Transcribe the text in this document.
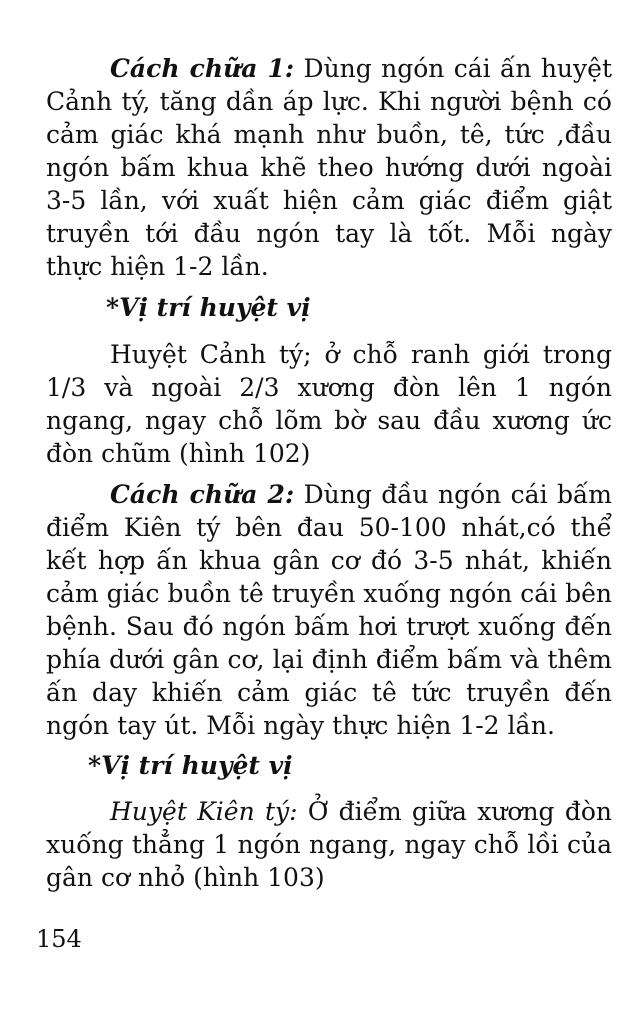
Cách chữa 1: Dùng ngón cái ấn huyệt Cảnh tý, tăng dần áp lực. Khi người bệnh có cảm giác khá mạnh như buồn, tê, tức ,đầu ngón bấm khua khẽ theo hướng dưới ngoài 3-5 lần, với xuất hiện cảm giác điểm giật truyền tới đầu ngón tay là tốt. Mỗi ngày thực hiện 1-2 lần.

*Vị trí huyệt vị

Huyệt Cảnh tý; ở chỗ ranh giới trong 1/3 và ngoài 2/3 xương đòn lên 1 ngón ngang, ngay chỗ lõm bờ sau đầu xương ức đòn chũm (hình 102)

Cách chữa 2: Dùng đầu ngón cái bấm điểm Kiên tý bên đau 50-100 nhát,có thể kết hợp ấn khua gân cơ đó 3-5 nhát, khiến cảm giác buồn tê truyền xuống ngón cái bên bệnh. Sau đó ngón bấm hơi trượt xuống đến phía dưới gân cơ, lại định điểm bấm và thêm ấn day khiến cảm giác tê tức truyền đến ngón tay út. Mỗi ngày thực hiện 1-2 lần.

*Vị trí huyệt vị

Huyệt Kiên tý: Ở điểm giữa xương đòn xuống thẳng 1 ngón ngang, ngay chỗ lồi của gân cơ nhỏ (hình 103)

154
